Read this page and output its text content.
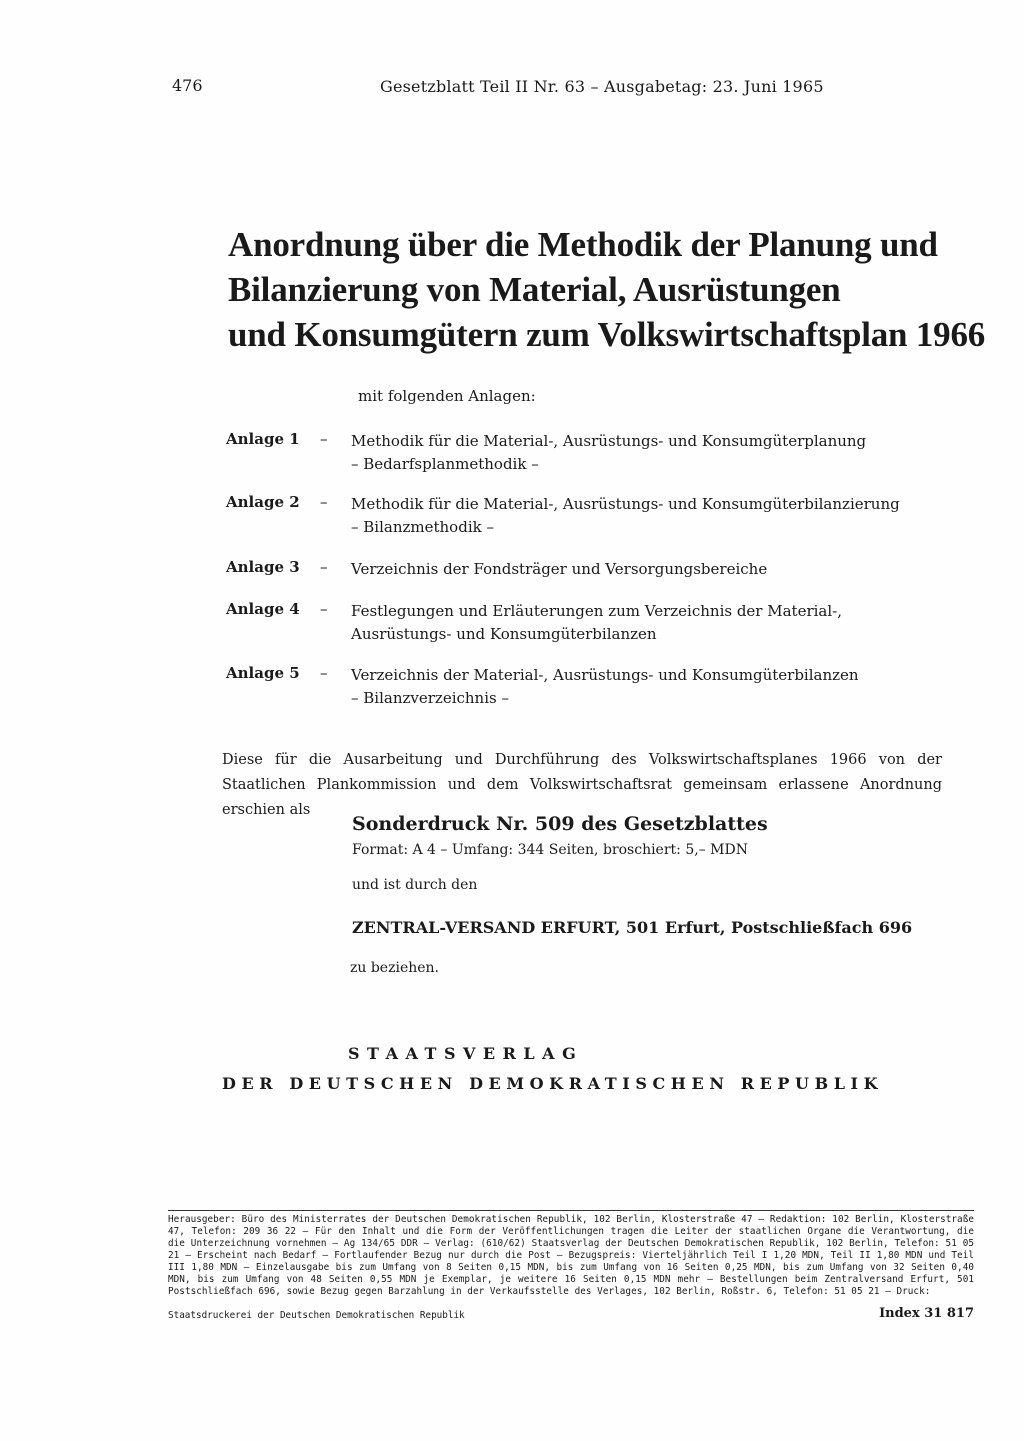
476	Gesetzblatt Teil II Nr. 63 – Ausgabetag: 23. Juni 1965
Anordnung über die Methodik der Planung und
Bilanzierung von Material, Ausrüstungen
und Konsumgütern zum Volkswirtschaftsplan 1966
mit folgenden Anlagen:
Anlage 1 – Methodik für die Material-, Ausrüstungs- und Konsumgüterplanung
– Bedarfsplanmethodik –
Anlage 2 – Methodik für die Material-, Ausrüstungs- und Konsumgüterbilanzierung
– Bilanzmethodik –
Anlage 3 – Verzeichnis der Fondsträger und Versorgungsbereiche
Anlage 4 – Festlegungen und Erläuterungen zum Verzeichnis der Material-,
Ausrüstungs- und Konsumgüterbilanzen
Anlage 5 – Verzeichnis der Material-, Ausrüstungs- und Konsumgüterbilanzen
– Bilanzverzeichnis –
Diese für die Ausarbeitung und Durchführung des Volkswirtschaftsplanes 1966 von der Staatlichen Plankommission und dem Volkswirtschaftsrat gemeinsam erlassene Anordnung erschien als
Sonderdruck Nr. 509 des Gesetzblattes
Format: A 4 – Umfang: 344 Seiten, broschiert: 5,– MDN
und ist durch den
ZENTRAL-VERSAND ERFURT, 501 Erfurt, Postschließfach 696
zu beziehen.
STAATSVERLAG
DER DEUTSCHEN DEMOKRATISCHEN REPUBLIK
Herausgeber: Büro des Ministerrates der Deutschen Demokratischen Republik, 102 Berlin, Klosterstraße 47 – Redaktion: 102 Berlin, Klosterstraße 47, Telefon: 209 36 22 – Für den Inhalt und die Form der Veröffentlichungen tragen die Leiter der staatlichen Organe die Verantwortung, die die Unterzeichnung vornehmen – Ag 134/65 DDR – Verlag: (610/62) Staatsverlag der Deutschen Demokratischen Republik, 102 Berlin, Telefon: 51 05 21 – Erscheint nach Bedarf – Fortlaufender Bezug nur durch die Post – Bezugspreis: Vierteljährlich Teil I 1,20 MDN, Teil II 1,80 MDN und Teil III 1,80 MDN – Einzelausgabe bis zum Umfang von 8 Seiten 0,15 MDN, bis zum Umfang von 16 Seiten 0,25 MDN, bis zum Umfang von 32 Seiten 0,40 MDN, bis zum Umfang von 48 Seiten 0,55 MDN je Exemplar, je weitere 16 Seiten 0,15 MDN mehr – Bestellungen beim Zentralversand Erfurt, 501 Postschließfach 696, sowie Bezug gegen Barzahlung in der Verkaufsstelle des Verlages, 102 Berlin, Roßstr. 6, Telefon: 51 05 21 – Druck:
Staatsdruckerei der Deutschen Demokratischen Republik	Index 31 817
